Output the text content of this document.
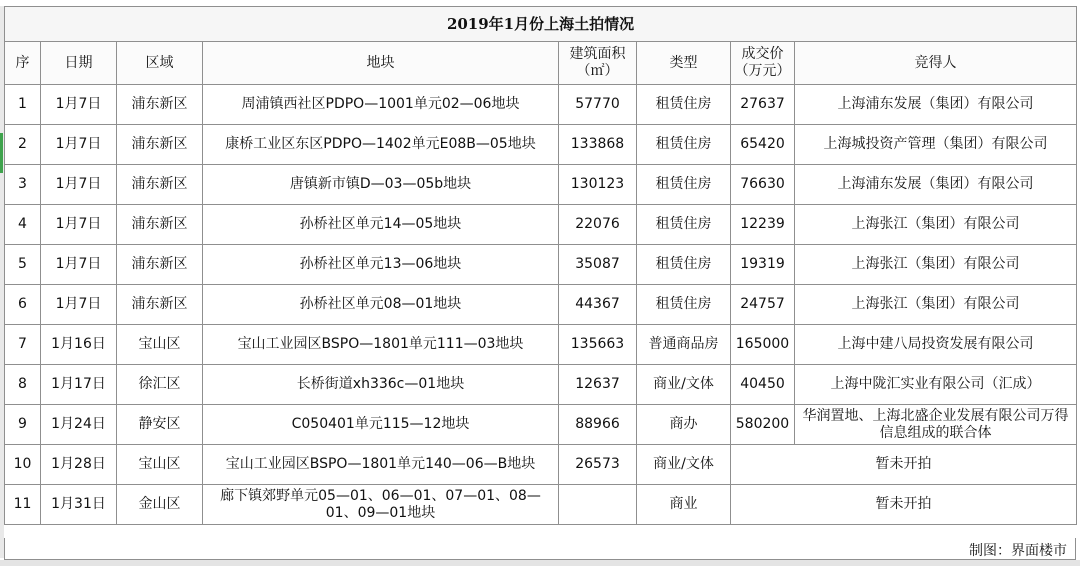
2019年1月份上海土拍情况							
序	日期	区域	地块	建筑面积（㎡）	类型	成交价（万元）	竞得人
1	1月7日	浦东新区	周浦镇西社区PDPO—1001单元02—06地块	57770	租赁住房	27637	上海浦东发展（集团）有限公司
2	1月7日	浦东新区	康桥工业区东区PDPO—1402单元E08B—05地块	133868	租赁住房	65420	上海城投资产管理（集团）有限公司
3	1月7日	浦东新区	唐镇新市镇D—03—05b地块	130123	租赁住房	76630	上海浦东发展（集团）有限公司
4	1月7日	浦东新区	孙桥社区单元14—05地块	22076	租赁住房	12239	上海张江（集团）有限公司
5	1月7日	浦东新区	孙桥社区单元13—06地块	35087	租赁住房	19319	上海张江（集团）有限公司
6	1月7日	浦东新区	孙桥社区单元08—01地块	44367	租赁住房	24757	上海张江（集团）有限公司
7	1月16日	宝山区	宝山工业园区BSPO—1801单元111—03地块	135663	普通商品房	165000	上海中建八局投资发展有限公司
8	1月17日	徐汇区	长桥街道xh336c—01地块	12637	商业/文体	40450	上海中陇汇实业有限公司（汇成）
9	1月24日	静安区	C050401单元115—12地块	88966	商办	580200	华润置地、上海北盛企业发展有限公司万得信息组成的联合体
10	1月28日	宝山区	宝山工业园区BSPO—1801单元140—06—B地块	26573	商业/文体	暂未开拍	
11	1月31日	金山区	廊下镇郊野单元05—01、06—01、07—01、08—01、09—01地块		商业	暂未开拍	
制图：界面楼市
